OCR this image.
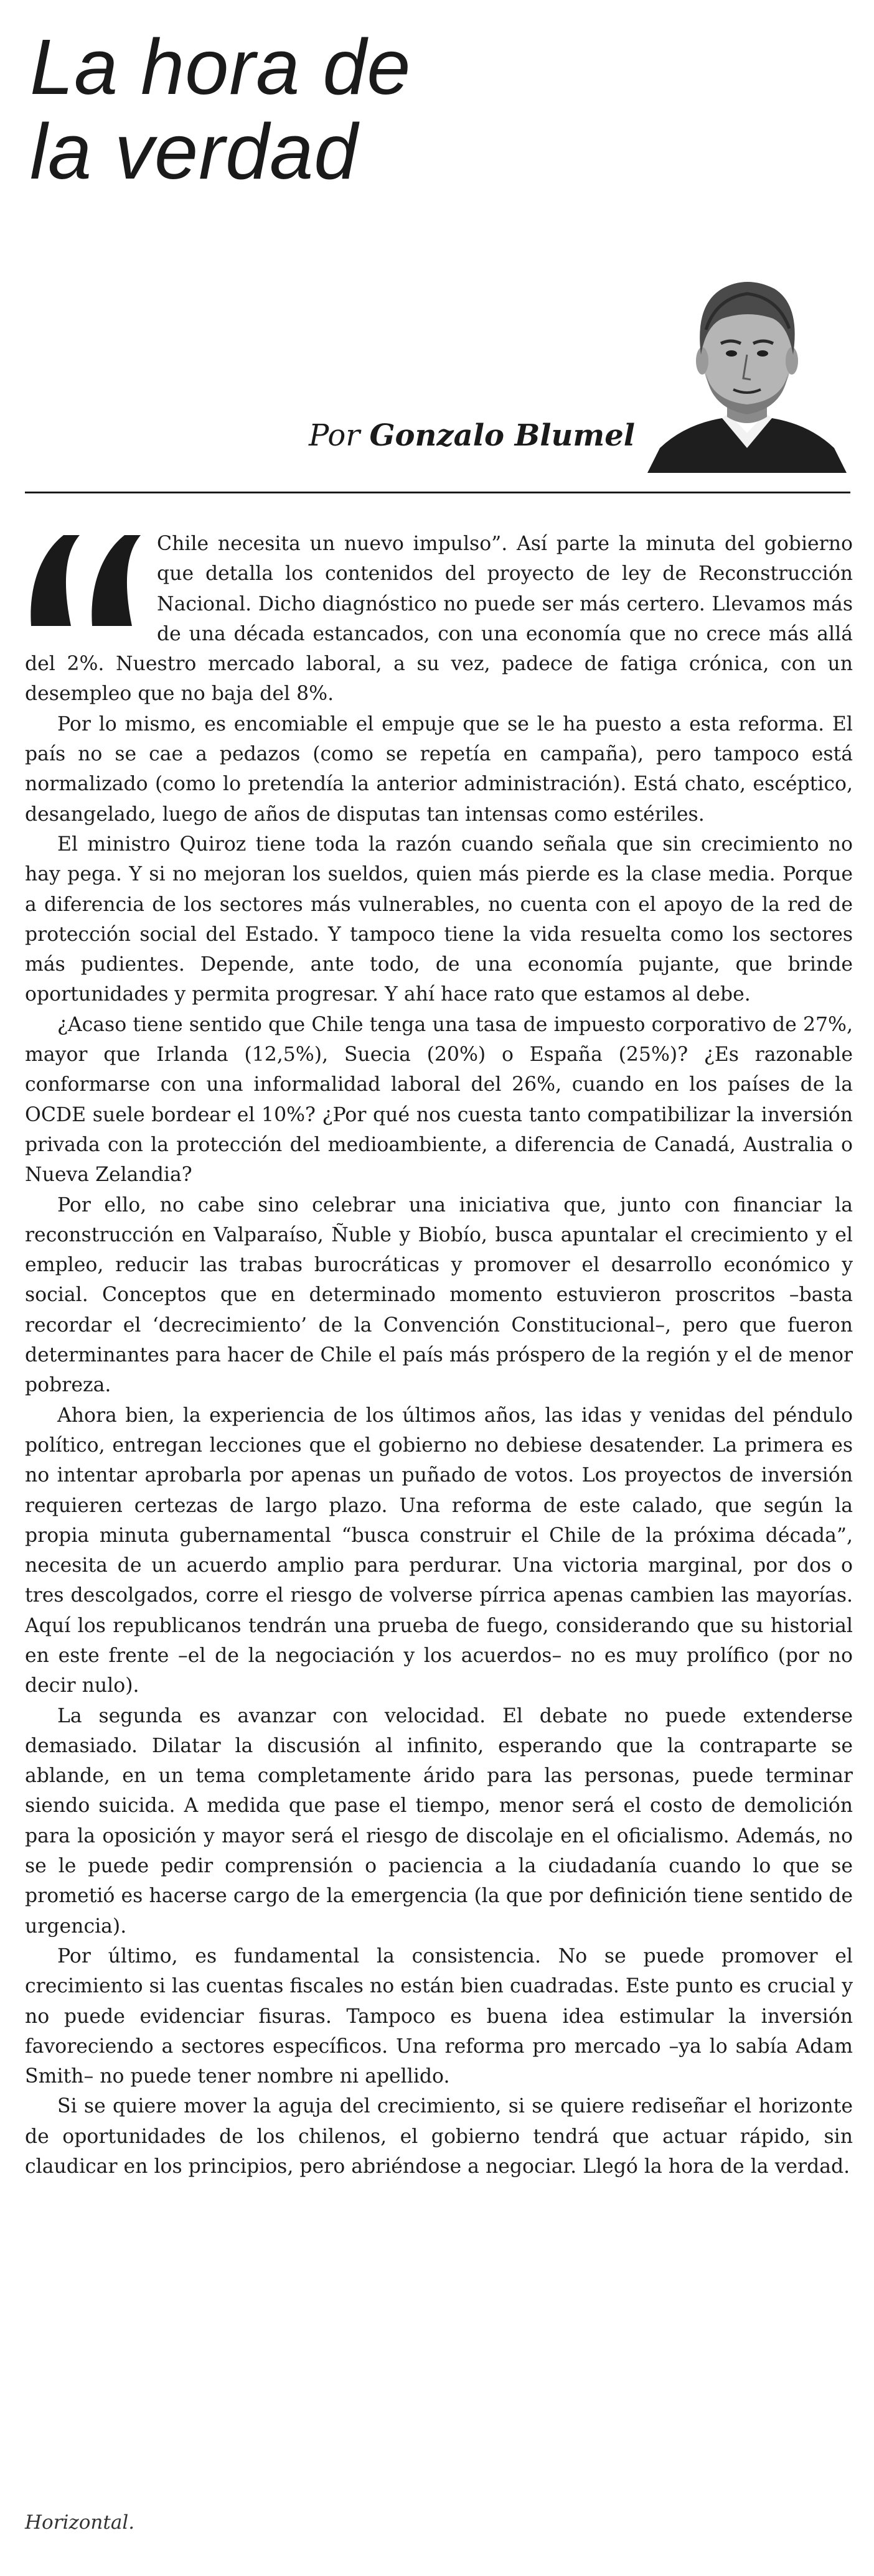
La hora de
la verdad
Por Gonzalo Blumel

Chile necesita un nuevo impulso”. Así parte la minuta del gobierno que detalla los contenidos del proyecto de ley de Reconstrucción Nacional. Dicho diagnóstico no puede ser más certero. Llevamos más de una década estancados, con una economía que no crece más allá del 2%. Nuestro mercado laboral, a su vez, padece de fatiga crónica, con un desempleo que no baja del 8%.

Por lo mismo, es encomiable el empuje que se le ha puesto a esta reforma. El país no se cae a pedazos (como se repetía en campaña), pero tampoco está normalizado (como lo pretendía la anterior administración). Está chato, escéptico, desangelado, luego de años de disputas tan intensas como estériles.

El ministro Quiroz tiene toda la razón cuando señala que sin crecimiento no hay pega. Y si no mejoran los sueldos, quien más pierde es la clase media. Porque a diferencia de los sectores más vulnerables, no cuenta con el apoyo de la red de protección social del Estado. Y tampoco tiene la vida resuelta como los sectores más pudientes. Depende, ante todo, de una economía pujante, que brinde oportunidades y permita progresar. Y ahí hace rato que estamos al debe.

¿Acaso tiene sentido que Chile tenga una tasa de impuesto corporativo de 27%, mayor que Irlanda (12,5%), Suecia (20%) o España (25%)? ¿Es razonable conformarse con una informalidad laboral del 26%, cuando en los países de la OCDE suele bordear el 10%? ¿Por qué nos cuesta tanto compatibilizar la inversión privada con la protección del medioambiente, a diferencia de Canadá, Australia o Nueva Zelandia?

Por ello, no cabe sino celebrar una iniciativa que, junto con financiar la reconstrucción en Valparaíso, Ñuble y Biobío, busca apuntalar el crecimiento y el empleo, reducir las trabas burocráticas y promover el desarrollo económico y social. Conceptos que en determinado momento estuvieron proscritos –basta recordar el ‘decrecimiento’ de la Convención Constitucional–, pero que fueron determinantes para hacer de Chile el país más próspero de la región y el de menor pobreza.

Ahora bien, la experiencia de los últimos años, las idas y venidas del péndulo político, entregan lecciones que el gobierno no debiese desatender. La primera es no intentar aprobarla por apenas un puñado de votos. Los proyectos de inversión requieren certezas de largo plazo. Una reforma de este calado, que según la propia minuta gubernamental “busca construir el Chile de la próxima década”, necesita de un acuerdo amplio para perdurar. Una victoria marginal, por dos o tres descolgados, corre el riesgo de volverse pírrica apenas cambien las mayorías. Aquí los republicanos tendrán una prueba de fuego, considerando que su historial en este frente –el de la negociación y los acuerdos– no es muy prolífico (por no decir nulo).

La segunda es avanzar con velocidad. El debate no puede extenderse demasiado. Dilatar la discusión al infinito, esperando que la contraparte se ablande, en un tema completamente árido para las personas, puede terminar siendo suicida. A medida que pase el tiempo, menor será el costo de demolición para la oposición y mayor será el riesgo de discolaje en el oficialismo. Además, no se le puede pedir comprensión o paciencia a la ciudadanía cuando lo que se prometió es hacerse cargo de la emergencia (la que por definición tiene sentido de urgencia).

Por último, es fundamental la consistencia. No se puede promover el crecimiento si las cuentas fiscales no están bien cuadradas. Este punto es crucial y no puede evidenciar fisuras. Tampoco es buena idea estimular la inversión favoreciendo a sectores específicos. Una reforma pro mercado –ya lo sabía Adam Smith– no puede tener nombre ni apellido.

Si se quiere mover la aguja del crecimiento, si se quiere rediseñar el horizonte de oportunidades de los chilenos, el gobierno tendrá que actuar rápido, sin claudicar en los principios, pero abriéndose a negociar. Llegó la hora de la verdad.

Horizontal.
